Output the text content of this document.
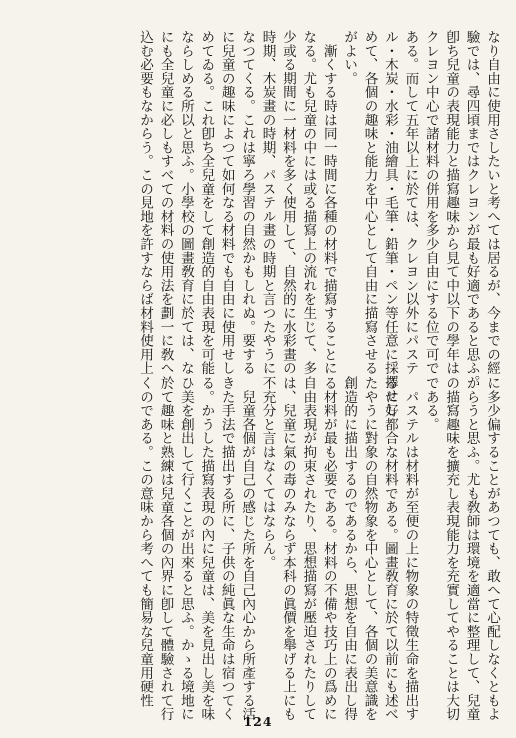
なり自由に使用さしたいと考へては居るが、今までの經
驗では、尋四頃まではクレヨンが最も好適であると思ふ。
卽ち兒童の表現能力と描寫趣味から見て中以下の學年は
クレヨン中心で諸材料の併用を多少自由にする位で可で
ある。而して五年以上に於ては、クレヨン以外にパステ
ル・木炭・水彩・油繪具・毛筆・鉛筆・ペン等任意に採擇せし
めて、各個の趣味と能力を中心として自由に描寫させる
がよい。
　漸くする時は同一時間に各種の材料で描寫することに
なる。尤も兒童の中には或る描寫上の流れを生じて、多
少或る期間に一材料を多く使用して、自然的に水彩畫の
時期、木炭畫の時期、パステル畫の時期と言つたやうに
なつてくる。これは寧ろ學習の自然かもしれぬ。要する
に兒童の趣味によつて如何なる材料でも自由に使用せし
めてゐる。これ卽ち全兒童をして創造的自由表現を可能
ならしめる所以と思ふ。小學校の圖畫敎育に於ては、な
にも全兒童に必しもすべての材料の使用法を劃一に敎へ
込む必要もなからう。この見地を許すならば材料使用上
に多少偏することがあつても、敢へて心配しなくともよ
からうと思ふ。尤も敎師は環境を適當に整理して、兒童
の描寫趣味を擴充し表現能力を充實してやることは大切
である。
　パステルは材料が至便の上に物象の特徵生命を描出す
るに好都合な材料である。圖畫敎育に於て以前にも述べ
たやうに對象の自然物象を中心として、各個の美意識を
創造的に描出するのであるから、思想を自由に表出し得
る材料が最も必要である。材料の不備や技巧上の爲めに
自由表現が拘束されたり、思想描寫が壓迫されたりして
は、兒童に氣の毒のみならず本科の眞價を舉げる上にも
不充分と言はなくてはならん。
　兒童各個が自己の感じた所を自己內心から所產する活
きた手法で描出する所に、子供の純眞な生命は宿つてく
る。かうした描寫表現の內に兒童は、美を見出し美を味
ひ美を創出して行くことが出來ると思ふ。かゝる境地に
於て趣味と熟練は兒童各個の內界に卽して體驗されて行
くのである。この意味から考へても簡易な兒童用硬性
124
